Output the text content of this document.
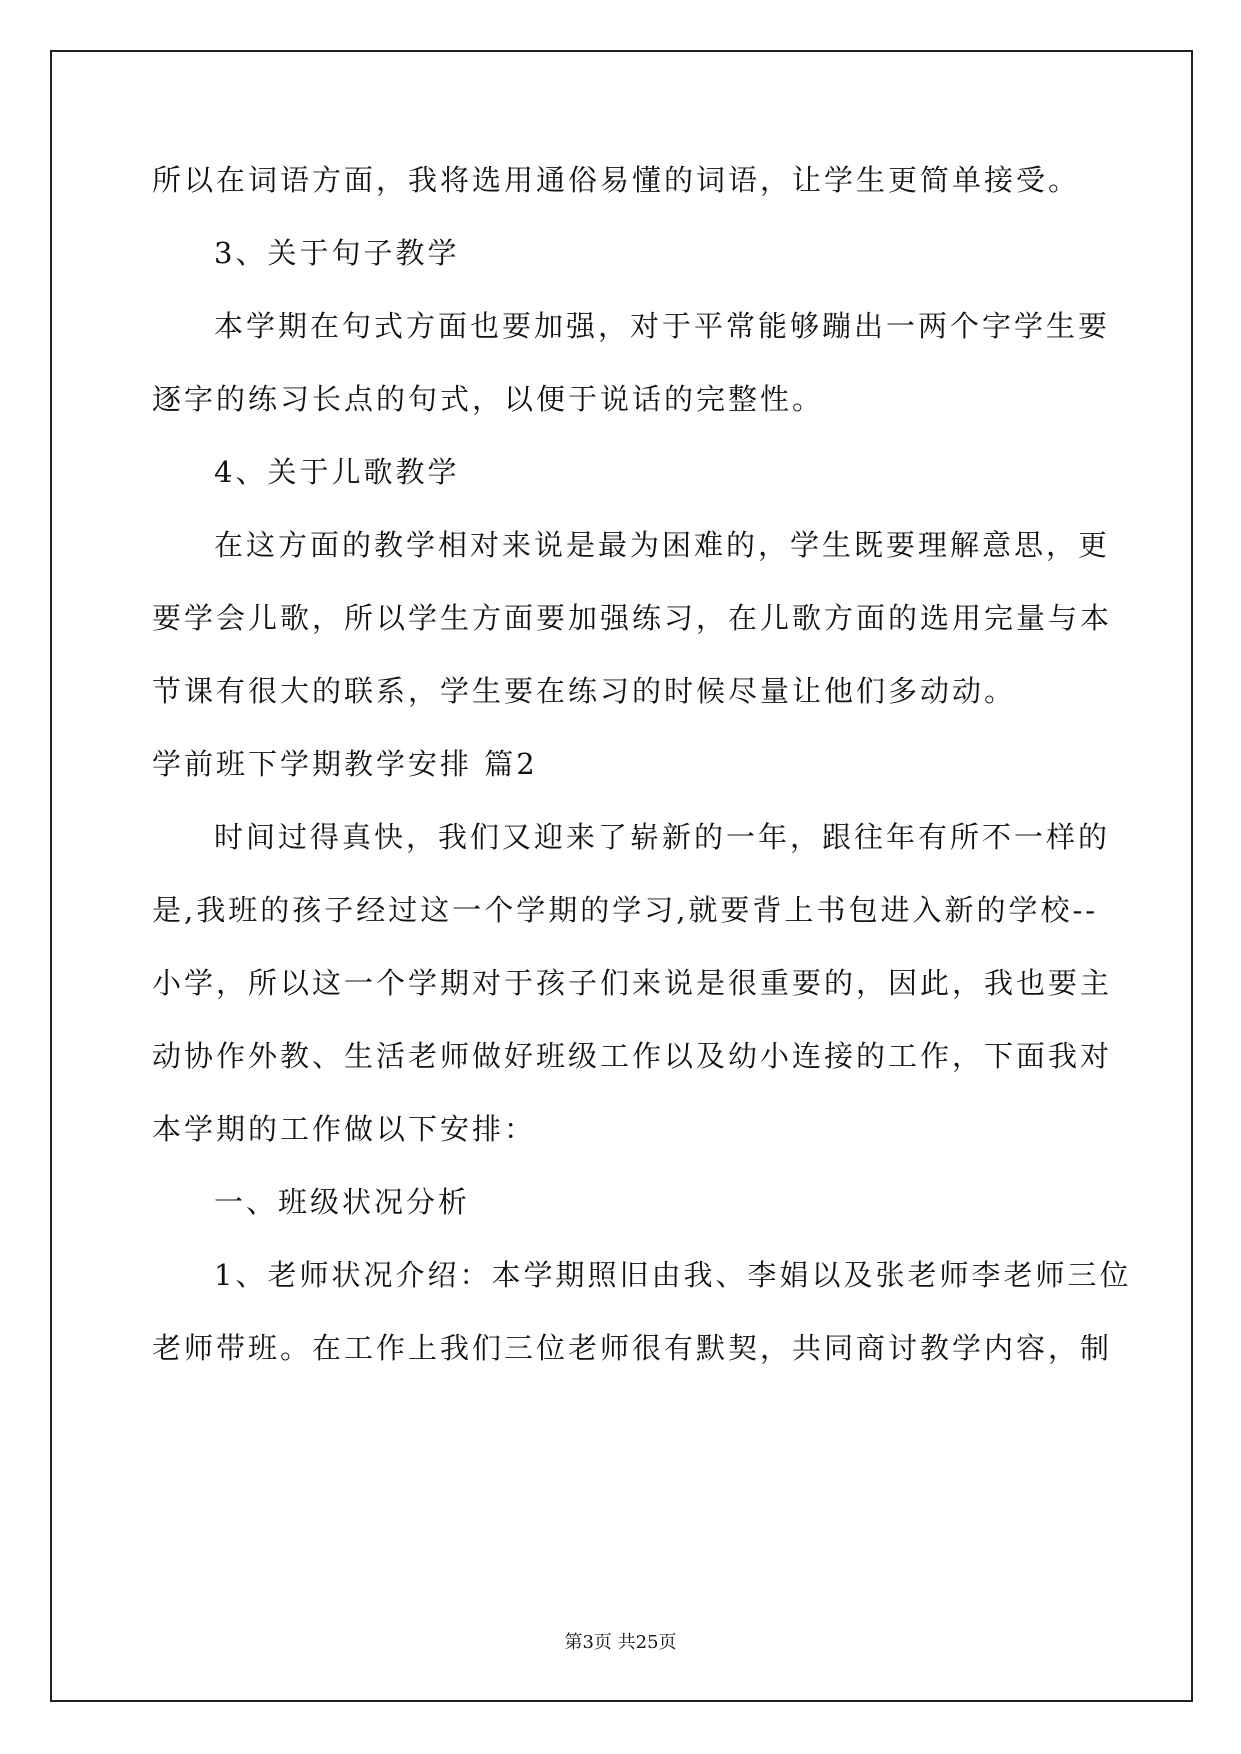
所以在词语方面，我将选用通俗易懂的词语，让学生更简单接受。
3、关于句子教学
本学期在句式方面也要加强，对于平常能够蹦出一两个字学生要
逐字的练习长点的句式，以便于说话的完整性。
4、关于儿歌教学
在这方面的教学相对来说是最为困难的，学生既要理解意思，更
要学会儿歌，所以学生方面要加强练习，在儿歌方面的选用完量与本
节课有很大的联系，学生要在练习的时候尽量让他们多动动。
学前班下学期教学安排 篇2
时间过得真快，我们又迎来了崭新的一年，跟往年有所不一样的
是,我班的孩子经过这一个学期的学习,就要背上书包进入新的学校--
小学，所以这一个学期对于孩子们来说是很重要的，因此，我也要主
动协作外教、生活老师做好班级工作以及幼小连接的工作，下面我对
本学期的工作做以下安排：
一、班级状况分析
1、老师状况介绍：本学期照旧由我、李娟以及张老师李老师三位
老师带班。在工作上我们三位老师很有默契，共同商讨教学内容，制
第3页 共25页
